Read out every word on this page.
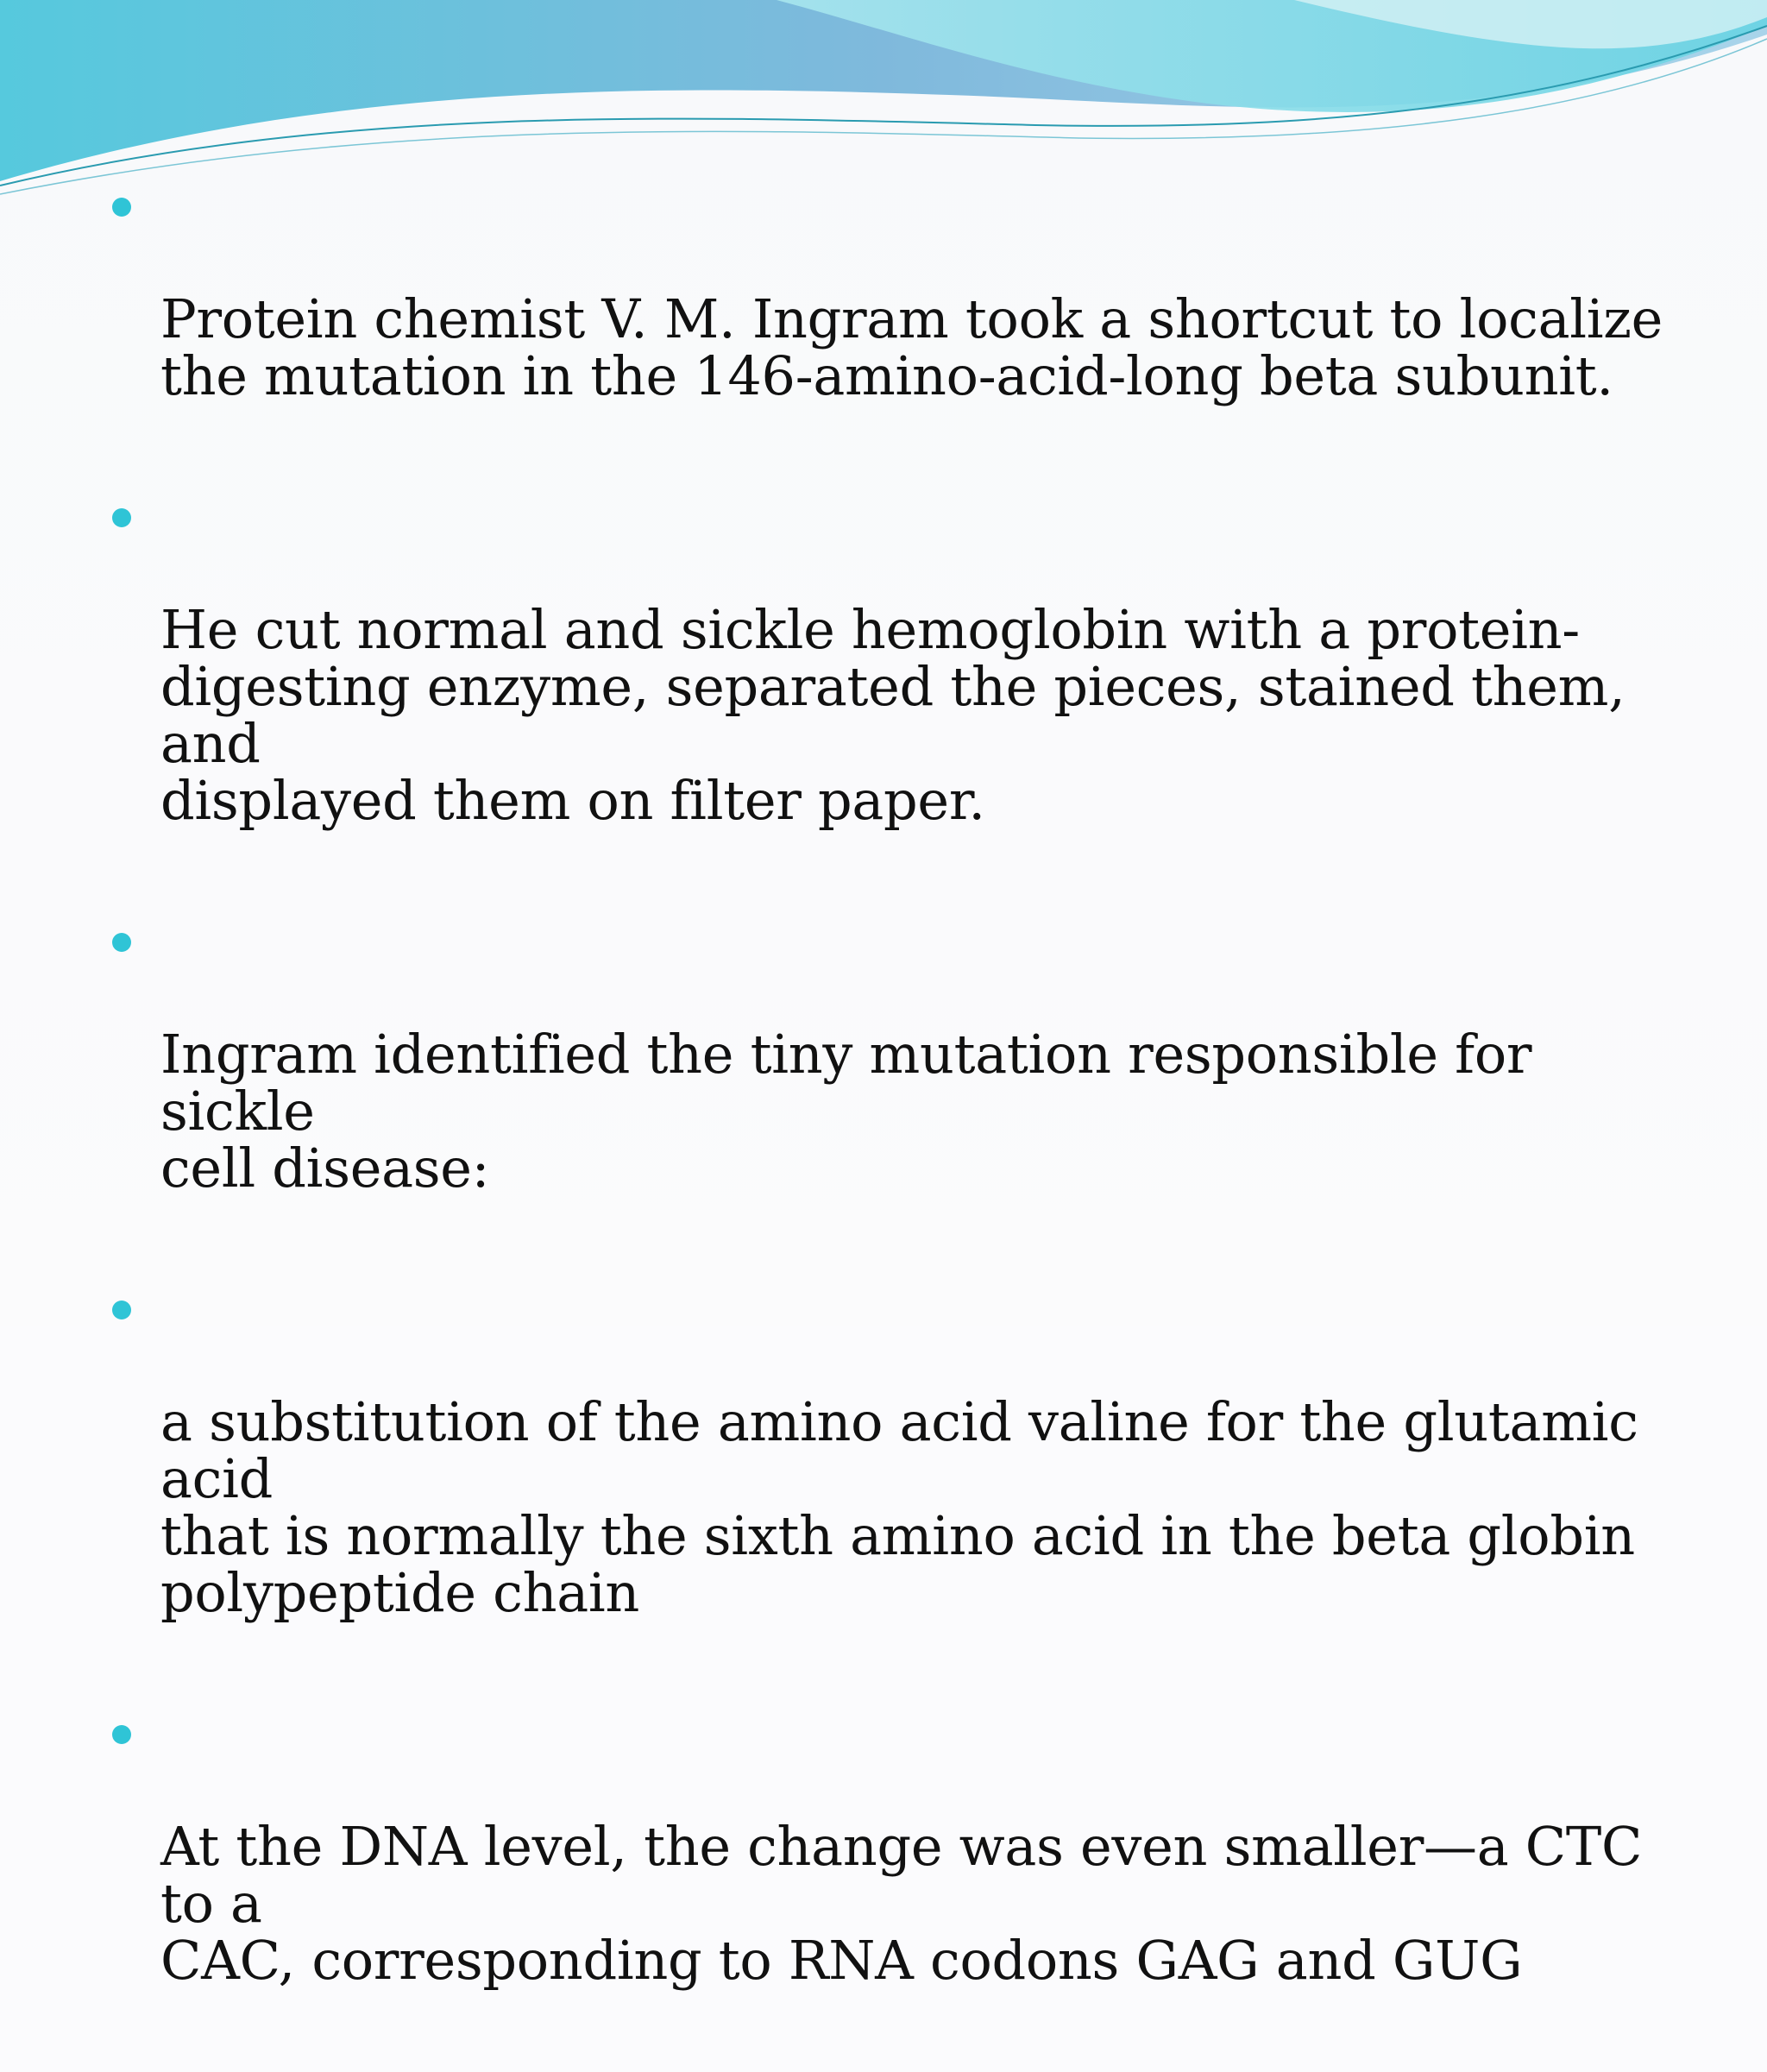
Protein chemist V. M. Ingram took a shortcut to localize
the mutation in the 146-amino-acid-long beta subunit.

He cut normal and sickle hemoglobin with a protein-
digesting enzyme, separated the pieces, stained them, and
displayed them on filter paper.

Ingram identified the tiny mutation responsible for sickle
cell disease:

a substitution of the amino acid valine for the glutamic acid
that is normally the sixth amino acid in the beta globin
polypeptide chain

At the DNA level, the change was even smaller—a CTC to a
CAC, corresponding to RNA codons GAG and GUG
